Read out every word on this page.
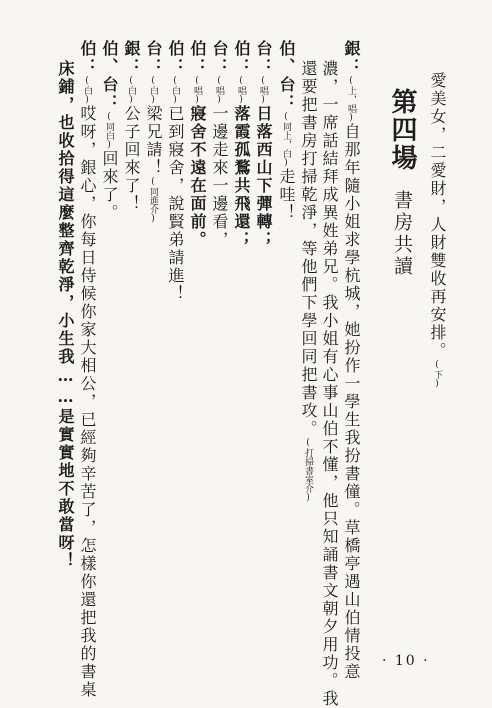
愛美女，二愛財，人財雙收再安排。(下)
第四場書房共讀
銀：(上，唱)自那年隨小姐求學杭城，她扮作一學生我扮書僮。草橋亭遇山伯情投意
濃，一席話結拜成異姓弟兄。我小姐有心事山伯不懂，他只知誦書文朝夕用功。我
還要把書房打掃乾淨，等他們下學回同把書攻。(打掃書室介)
伯、台：(同上，白)走哇！
台：(唱)日落西山下彈轉；
伯：(唱)落霞孤鶩共飛還；
台：(唱)一邊走來一邊看，
伯：(唱)寢舍不遠在面前。
伯：(白)已到寢舍，說賢弟請進！
台：(白)梁兄請！(同進介)
銀：(白)公子回來了！
伯、台：(同白)回來了。
伯：(白)哎呀，銀心，你每日侍候你家大相公，已經夠辛苦了，怎樣你還把我的書桌
床鋪，也收拾得這麼整齊乾淨，小生我……是實實地不敢當呀！
· 10 ·
